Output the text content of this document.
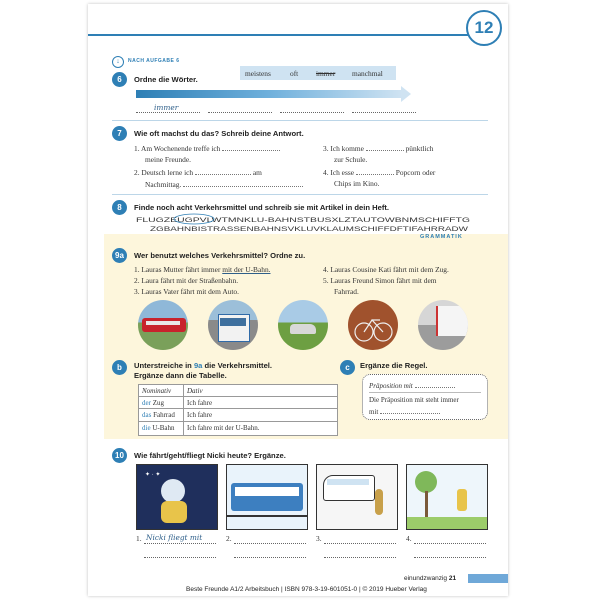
12
↓	NACH AUFGABE 6
6	Ordne die Wörter.
meistens	oft immer manchmal
immer
7	Wie oft machst du das? Schreib deine Antwort.
1. Am Wochenende treffe ich
meine Freunde.
2. Deutsch lerne ich	am
Nachmittag.
3. Ich komme	pünktlich
zur Schule.
4. Ich esse	Popcorn oder
Chips im Kino.
8	Finde noch acht Verkehrsmittel und schreib sie mit Artikel in dein Heft.
FLUGZEUGPVLWTMNKLU-BAHNSTBUSXLZTAUTOWBNMSCHIFFTG
ZGBAHNBISTRASSENBAHNSVKLUVKLAUMSCHIFFDFTIFAHRRADW
GRAMMATIK
9a	Wer benutzt welches Verkehrsmittel? Ordne zu.
1. Lauras Mutter fährt immer mit der U-Bahn.
2. Laura fährt mit der Straßenbahn.
3. Lauras Vater fährt mit dem Auto.
4. Lauras Cousine Kati fährt mit dem Zug.
5. Lauras Freund Simon fährt mit dem
Fahrrad.
b	Unterstreiche in 9a die Verkehrsmittel.
Ergänze dann die Tabelle.
Nominativ Dativ
der Zug	Ich fahre
das Fahrrad Ich fahre
die U-Bahn Ich fahre mit der U-Bahn.
c	Ergänze die Regel.
Präposition mit
Die Präposition mit steht immer
mit
10	Wie fährt/geht/fliegt Nicki heute? Ergänze.
✦ · ✦
1. Nicki fliegt mit	2.	3.	4.
einundzwanzig 21
Hörer
Beste Freunde A1/2 Arbeitsbuch | ISBN 978-3-19-601051-0 | © 2019 Hueber Verlag
